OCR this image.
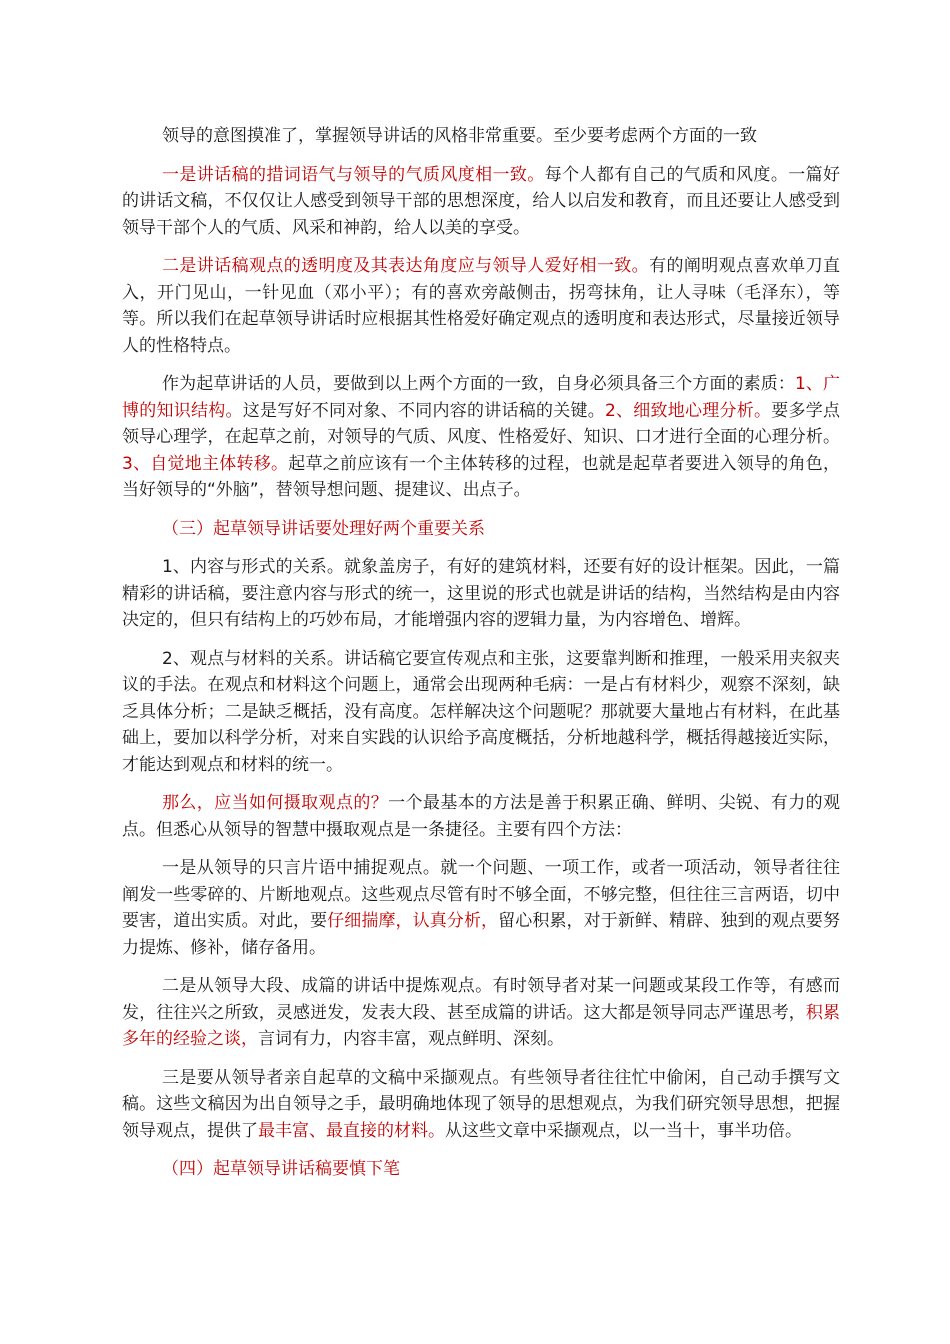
领导的意图摸准了，掌握领导讲话的风格非常重要。至少要考虑两个方面的一致

一是讲话稿的措词语气与领导的气质风度相一致。每个人都有自己的气质和风度。一篇好的讲话文稿，不仅仅让人感受到领导干部的思想深度，给人以启发和教育，而且还要让人感受到领导干部个人的气质、风采和神韵，给人以美的享受。

二是讲话稿观点的透明度及其表达角度应与领导人爱好相一致。有的阐明观点喜欢单刀直入，开门见山，一针见血（邓小平）；有的喜欢旁敲侧击，拐弯抹角，让人寻味（毛泽东），等等。所以我们在起草领导讲话时应根据其性格爱好确定观点的透明度和表达形式，尽量接近领导人的性格特点。

作为起草讲话的人员，要做到以上两个方面的一致，自身必须具备三个方面的素质：1、广博的知识结构。这是写好不同对象、不同内容的讲话稿的关键。2、细致地心理分析。要多学点领导心理学，在起草之前，对领导的气质、风度、性格爱好、知识、口才进行全面的心理分析。3、自觉地主体转移。起草之前应该有一个主体转移的过程，也就是起草者要进入领导的角色，当好领导的“外脑”，替领导想问题、提建议、出点子。

（三）起草领导讲话要处理好两个重要关系

1、内容与形式的关系。就象盖房子，有好的建筑材料，还要有好的设计框架。因此，一篇精彩的讲话稿，要注意内容与形式的统一，这里说的形式也就是讲话的结构，当然结构是由内容决定的，但只有结构上的巧妙布局，才能增强内容的逻辑力量，为内容增色、增辉。

2、观点与材料的关系。讲话稿它要宣传观点和主张，这要靠判断和推理，一般采用夹叙夹议的手法。在观点和材料这个问题上，通常会出现两种毛病：一是占有材料少，观察不深刻，缺乏具体分析；二是缺乏概括，没有高度。怎样解决这个问题呢？那就要大量地占有材料，在此基础上，要加以科学分析，对来自实践的认识给予高度概括，分析地越科学，概括得越接近实际，才能达到观点和材料的统一。

那么，应当如何摄取观点的？一个最基本的方法是善于积累正确、鲜明、尖锐、有力的观点。但悉心从领导的智慧中摄取观点是一条捷径。主要有四个方法：

一是从领导的只言片语中捕捉观点。就一个问题、一项工作，或者一项活动，领导者往往阐发一些零碎的、片断地观点。这些观点尽管有时不够全面，不够完整，但往往三言两语，切中要害，道出实质。对此，要仔细揣摩，认真分析，留心积累，对于新鲜、精辟、独到的观点要努力提炼、修补，储存备用。

二是从领导大段、成篇的讲话中提炼观点。有时领导者对某一问题或某段工作等，有感而发，往往兴之所致，灵感迸发，发表大段、甚至成篇的讲话。这大都是领导同志严谨思考，积累多年的经验之谈，言词有力，内容丰富，观点鲜明、深刻。

三是要从领导者亲自起草的文稿中采撷观点。有些领导者往往忙中偷闲，自己动手撰写文稿。这些文稿因为出自领导之手，最明确地体现了领导的思想观点，为我们研究领导思想，把握领导观点，提供了最丰富、最直接的材料。从这些文章中采撷观点，以一当十，事半功倍。

（四）起草领导讲话稿要慎下笔
